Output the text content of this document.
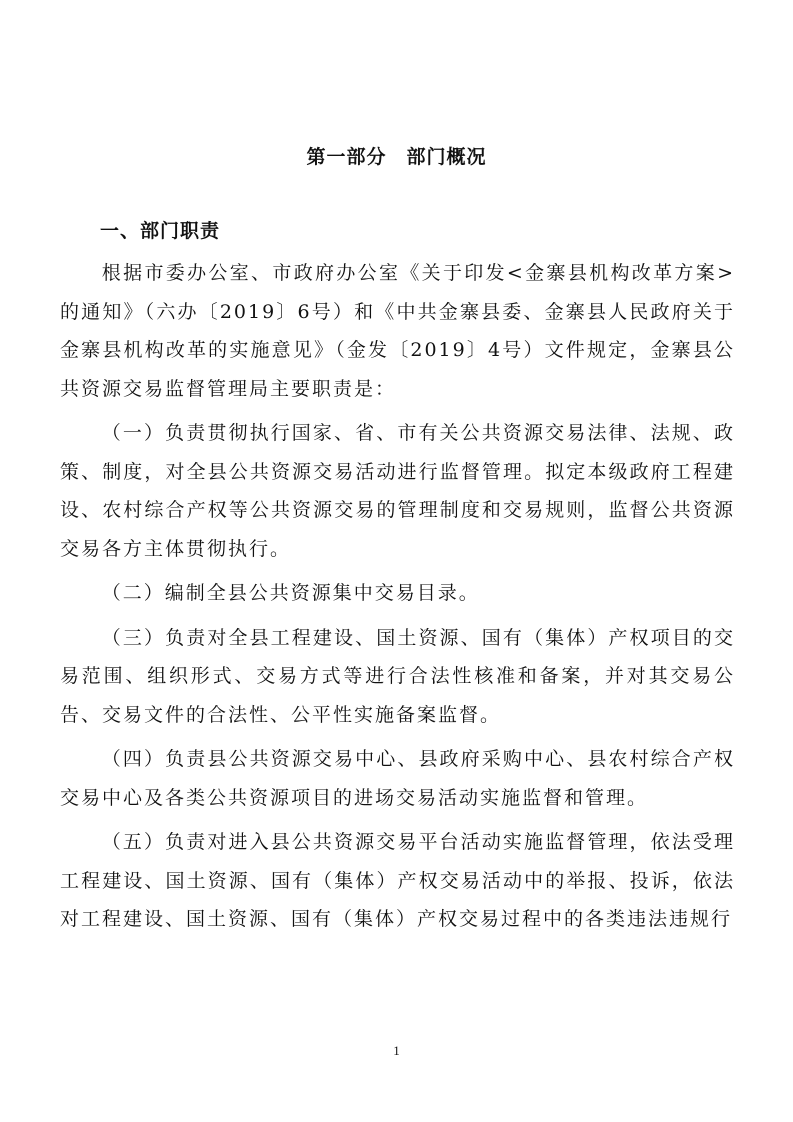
第一部分　部门概况
一、部门职责

根据市委办公室、市政府办公室《关于印发<金寨县机构改革方案>的通知》（六办〔2019〕6号）和《中共金寨县委、金寨县人民政府关于金寨县机构改革的实施意见》（金发〔2019〕4号）文件规定，金寨县公共资源交易监督管理局主要职责是：

（一）负责贯彻执行国家、省、市有关公共资源交易法律、法规、政策、制度，对全县公共资源交易活动进行监督管理。拟定本级政府工程建设、农村综合产权等公共资源交易的管理制度和交易规则，监督公共资源交易各方主体贯彻执行。

（二）编制全县公共资源集中交易目录。

（三）负责对全县工程建设、国土资源、国有（集体）产权项目的交易范围、组织形式、交易方式等进行合法性核准和备案，并对其交易公告、交易文件的合法性、公平性实施备案监督。

（四）负责县公共资源交易中心、县政府采购中心、县农村综合产权交易中心及各类公共资源项目的进场交易活动实施监督和管理。

（五）负责对进入县公共资源交易平台活动实施监督管理，依法受理工程建设、国土资源、国有（集体）产权交易活动中的举报、投诉，依法对工程建设、国土资源、国有（集体）产权交易过程中的各类违法违规行

1
